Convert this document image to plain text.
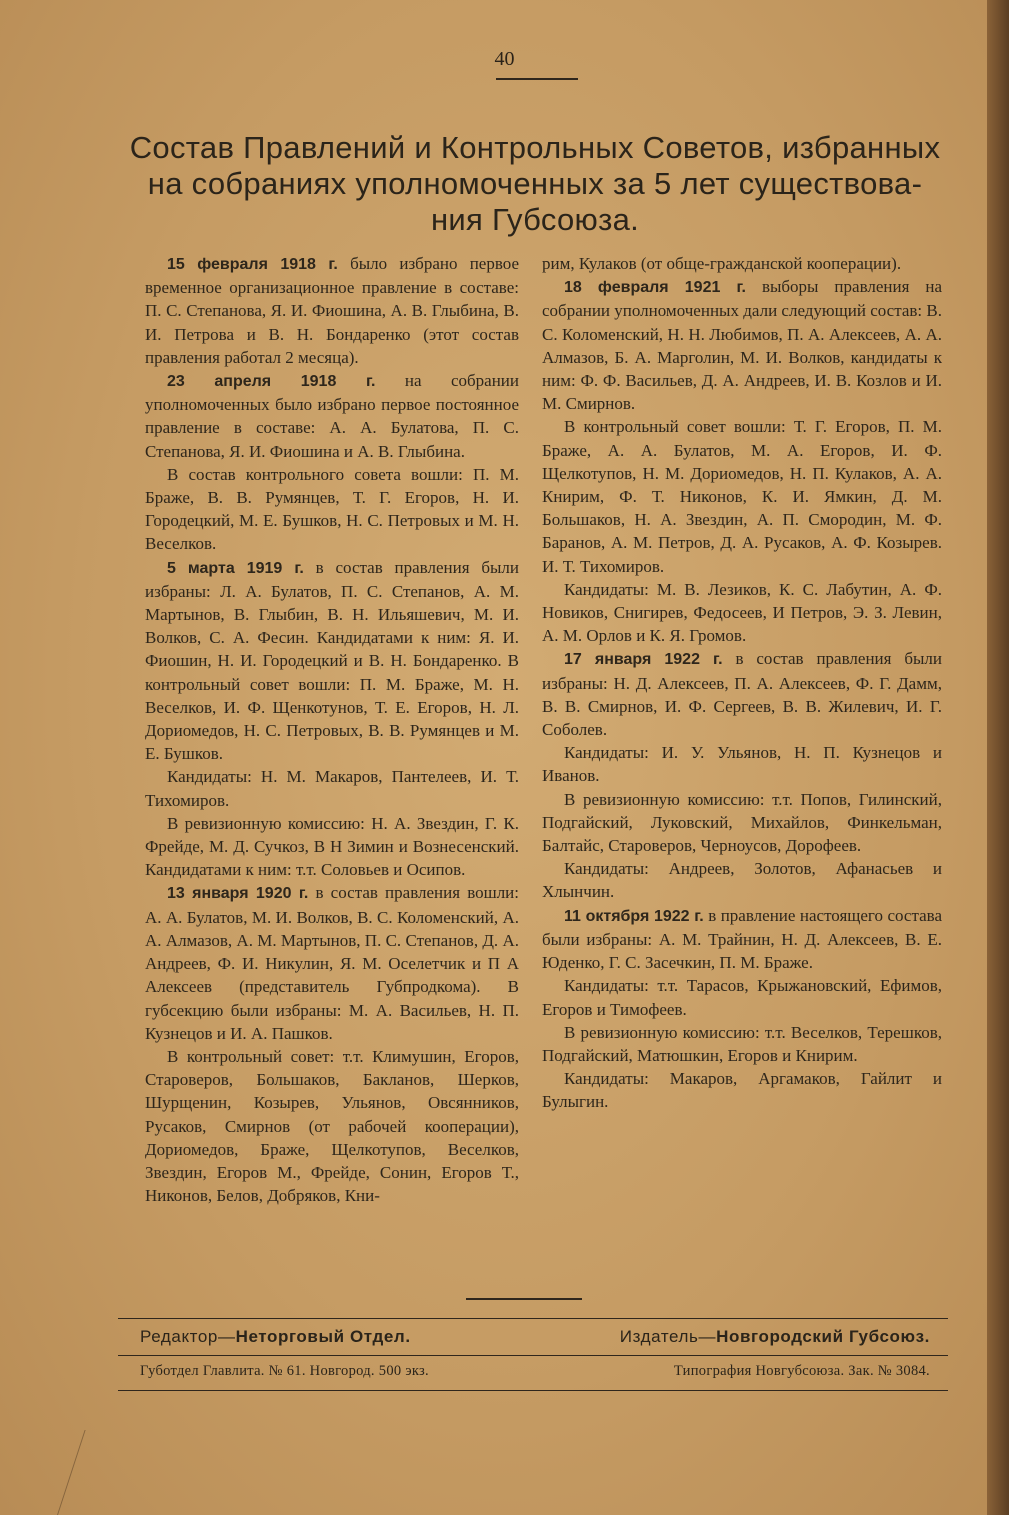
40
Состав Правлений и Контрольных Советов, избранных
на собраниях уполномоченных за 5 лет существова-
ния Губсоюза.

15 февраля 1918 г. было избрано первое временное организационное правление в составе: П. С. Степанова, Я. И. Фиошина, А. В. Глыбина, В. И. Петрова и В. Н. Бондаренко (этот состав правления работал 2 месяца).

23 апреля 1918 г. на собрании уполномоченных было избрано первое постоянное правление в составе: А. А. Булатова, П. С. Степанова, Я. И. Фиошина и А. В. Глыбина.

В состав контрольного совета вошли: П. М. Браже, В. В. Румянцев, Т. Г. Егоров, Н. И. Городецкий, М. Е. Бушков, Н. С. Петровых и М. Н. Веселков.

5 марта 1919 г. в состав правления были избраны: Л. А. Булатов, П. С. Степанов, А. М. Мартынов, В. Глыбин, В. Н. Ильяшевич, М. И. Волков, С. А. Фесин. Кандидатами к ним: Я. И. Фиошин, Н. И. Городецкий и В. Н. Бондаренко. В контрольный совет вошли: П. М. Браже, М. Н. Веселков, И. Ф. Щенкотунов, Т. Е. Егоров, Н. Л. Дориомедов, Н. С. Петровых, В. В. Румянцев и М. Е. Бушков.

Кандидаты: Н. М. Макаров, Пантелеев, И. Т. Тихомиров.

В ревизионную комиссию: Н. А. Звездин, Г. К. Фрейде, М. Д. Сучкоз, В Н Зимин и Вознесенский. Кандидатами к ним: т.т. Соловьев и Осипов.

13 января 1920 г. в состав правления вошли: А. А. Булатов, М. И. Волков, В. С. Коломенский, А. А. Алмазов, А. М. Мартынов, П. С. Степанов, Д. А. Андреев, Ф. И. Никулин, Я. М. Оселетчик и П А Алексеев (представитель Губпродкома). В губсекцию были избраны: М. А. Васильев, Н. П. Кузнецов и И. А. Пашков.

В контрольный совет: т.т. Климушин, Егоров, Староверов, Большаков, Бакланов, Шерков, Шурщенин, Козырев, Ульянов, Овсянников, Русаков, Смирнов (от рабочей кооперации), Дориомедов, Браже, Щелкотупов, Веселков, Звездин, Егоров М., Фрейде, Сонин, Егоров Т., Никонов, Белов, Добряков, Кни-

рим, Кулаков (от обще-гражданской кооперации).

18 февраля 1921 г. выборы правления на собрании уполномоченных дали следующий состав: В. С. Коломенский, Н. Н. Любимов, П. А. Алексеев, А. А. Алмазов, Б. А. Марголин, М. И. Волков, кандидаты к ним: Ф. Ф. Васильев, Д. А. Андреев, И. В. Козлов и И. М. Смирнов.

В контрольный совет вошли: Т. Г. Егоров, П. М. Браже, А. А. Булатов, М. А. Егоров, И. Ф. Щелкотупов, Н. М. Дориомедов, Н. П. Кулаков, А. А. Книрим, Ф. Т. Никонов, К. И. Ямкин, Д. М. Большаков, Н. А. Звездин, А. П. Смородин, М. Ф. Баранов, А. М. Петров, Д. А. Русаков, А. Ф. Козырев. И. Т. Тихомиров.

Кандидаты: М. В. Лезиков, К. С. Лабутин, А. Ф. Новиков, Снигирев, Федосеев, И Петров, Э. З. Левин, А. М. Орлов и К. Я. Громов.

17 января 1922 г. в состав правления были избраны: Н. Д. Алексеев, П. А. Алексеев, Ф. Г. Дамм, В. В. Смирнов, И. Ф. Сергеев, В. В. Жилевич, И. Г. Соболев.

Кандидаты: И. У. Ульянов, Н. П. Кузнецов и Иванов.

В ревизионную комиссию: т.т. Попов, Гилинский, Подгайский, Луковский, Михайлов, Финкельман, Балтайс, Староверов, Черноусов, Дорофеев.

Кандидаты: Андреев, Золотов, Афанасьев и Хлынчин.

11 октября 1922 г. в правление настоящего состава были избраны: А. М. Трайнин, Н. Д. Алексеев, В. Е. Юденко, Г. С. Засечкин, П. М. Браже.

Кандидаты: т.т. Тарасов, Крыжановский, Ефимов, Егоров и Тимофеев.

В ревизионную комиссию: т.т. Веселков, Терешков, Подгайский, Матюшкин, Егоров и Книрим.

Кандидаты: Макаров, Аргамаков, Гайлит и Булыгин.

Редактор—Неторговый Отдел.	Издатель—Новгородский Губсоюз.
Губотдел Главлита. № 61. Новгород. 500 экз.	Типография Новгубсоюза. Зак. № 3084.
